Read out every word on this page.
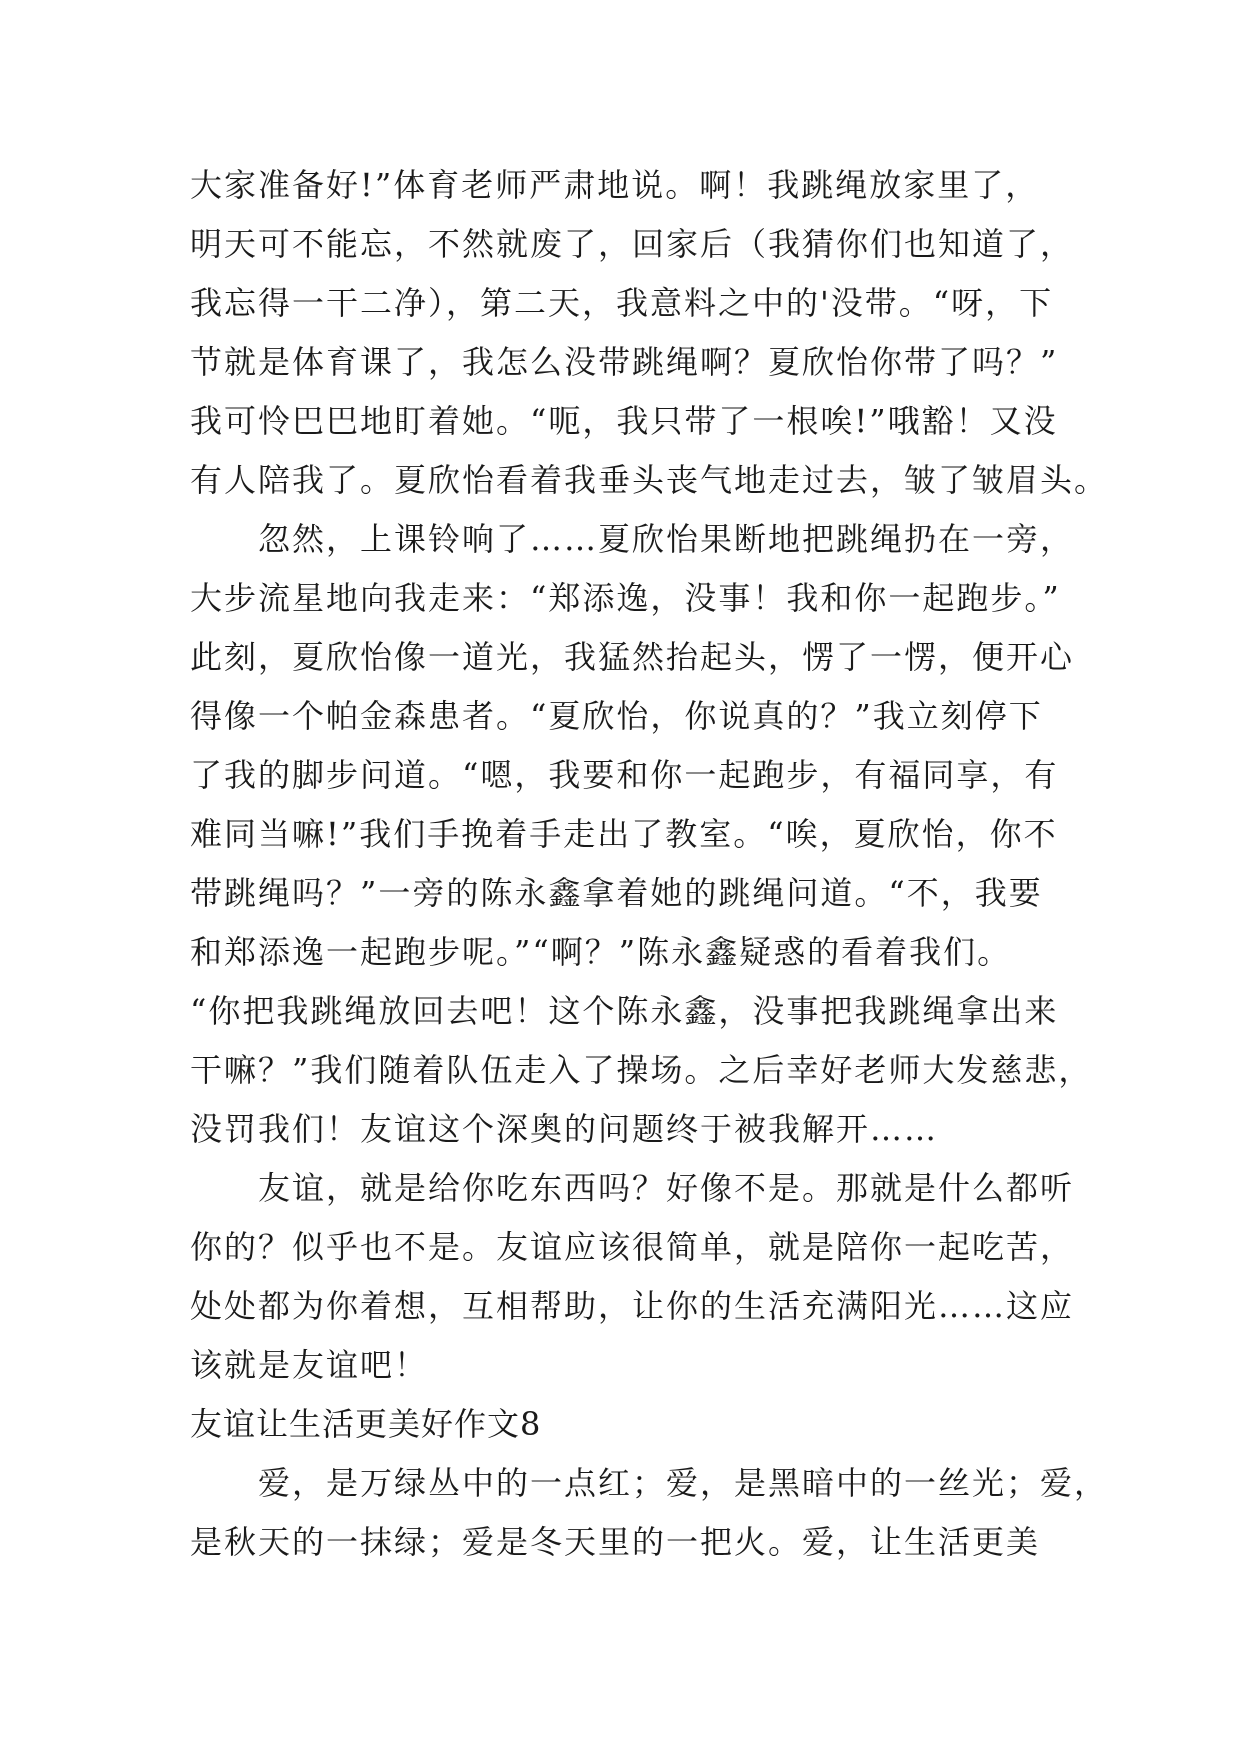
大家准备好!”体育老师严肃地说。啊！我跳绳放家里了，
明天可不能忘，不然就废了，回家后（我猜你们也知道了，
我忘得一干二净），第二天，我意料之中的'没带。“呀，下
节就是体育课了，我怎么没带跳绳啊？夏欣怡你带了吗？”
我可怜巴巴地盯着她。“呃，我只带了一根唉!”哦豁！又没
有人陪我了。夏欣怡看着我垂头丧气地走过去，皱了皱眉头。
忽然，上课铃响了……夏欣怡果断地把跳绳扔在一旁，
大步流星地向我走来：“郑添逸，没事！我和你一起跑步。”
此刻，夏欣怡像一道光，我猛然抬起头，愣了一愣，便开心
得像一个帕金森患者。“夏欣怡，你说真的？”我立刻停下
了我的脚步问道。“嗯，我要和你一起跑步，有福同享，有
难同当嘛!”我们手挽着手走出了教室。“唉，夏欣怡，你不
带跳绳吗？”一旁的陈永鑫拿着她的跳绳问道。“不，我要
和郑添逸一起跑步呢。”“啊？”陈永鑫疑惑的看着我们。
“你把我跳绳放回去吧！这个陈永鑫，没事把我跳绳拿出来
干嘛？”我们随着队伍走入了操场。之后幸好老师大发慈悲，
没罚我们！友谊这个深奥的问题终于被我解开……
友谊，就是给你吃东西吗？好像不是。那就是什么都听
你的？似乎也不是。友谊应该很简单，就是陪你一起吃苦，
处处都为你着想，互相帮助，让你的生活充满阳光……这应
该就是友谊吧！
友谊让生活更美好作文8
爱，是万绿丛中的一点红；爱，是黑暗中的一丝光；爱，
是秋天的一抹绿；爱是冬天里的一把火。爱，让生活更美
